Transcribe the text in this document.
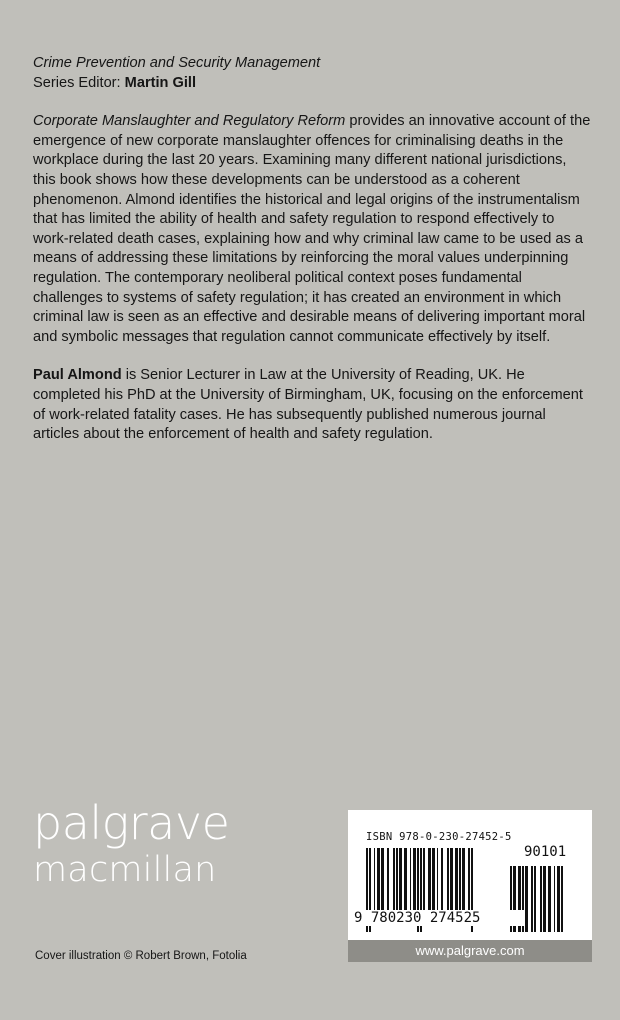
Crime Prevention and Security Management

Series Editor: Martin Gill

Corporate Manslaughter and Regulatory Reform provides an innovative account of the emergence of new corporate manslaughter offences for criminalising deaths in the workplace during the last 20 years. Examining many different national jurisdictions, this book shows how these developments can be understood as a coherent phenomenon. Almond identifies the historical and legal origins of the instrumentalism that has limited the ability of health and safety regulation to respond effectively to work-related death cases, explaining how and why criminal law came to be used as a means of addressing these limitations by reinforcing the moral values underpinning regulation. The contemporary neoliberal political context poses fundamental challenges to systems of safety regulation; it has created an environment in which criminal law is seen as an effective and desirable means of delivering important moral and symbolic messages that regulation cannot communicate effectively by itself.

Paul Almond is Senior Lecturer in Law at the University of Reading, UK. He completed his PhD at the University of Birmingham, UK, focusing on the enforcement of work-related fatality cases. He has subsequently published numerous journal articles about the enforcement of health and safety regulation.

palgrave
macmillan
Cover illustration © Robert Brown, Fotolia
ISBN 978-0-230-27452-5
9 780230 274525
90101
www.palgrave.com
